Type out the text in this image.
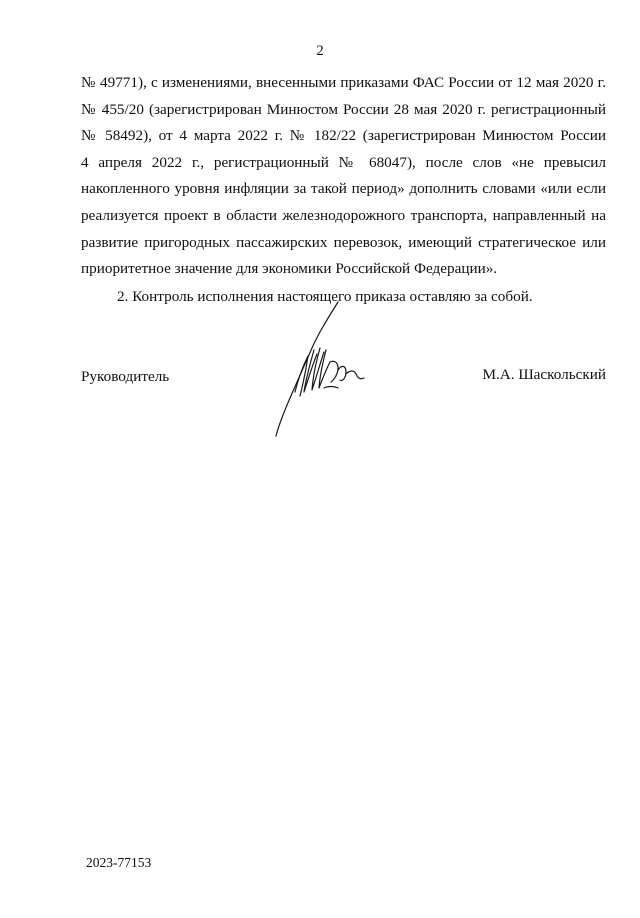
2
№ 49771), с изменениями, внесенными приказами ФАС России от 12 мая 2020 г.
№ 455/20 (зарегистрирован Минюстом России 28 мая 2020 г. регистрационный
№ 58492), от 4 марта 2022 г. № 182/22 (зарегистрирован Минюстом России
4 апреля 2022 г., регистрационный № 68047), после слов «не превысил
накопленного уровня инфляции за такой период» дополнить словами «или если
реализуется проект в области железнодорожного транспорта, направленный на
развитие пригородных пассажирских перевозок, имеющий стратегическое или
приоритетное значение для экономики Российской Федерации».

2. Контроль исполнения настоящего приказа оставляю за собой.

Руководитель	М.А. Шаскольский

2023-77153
